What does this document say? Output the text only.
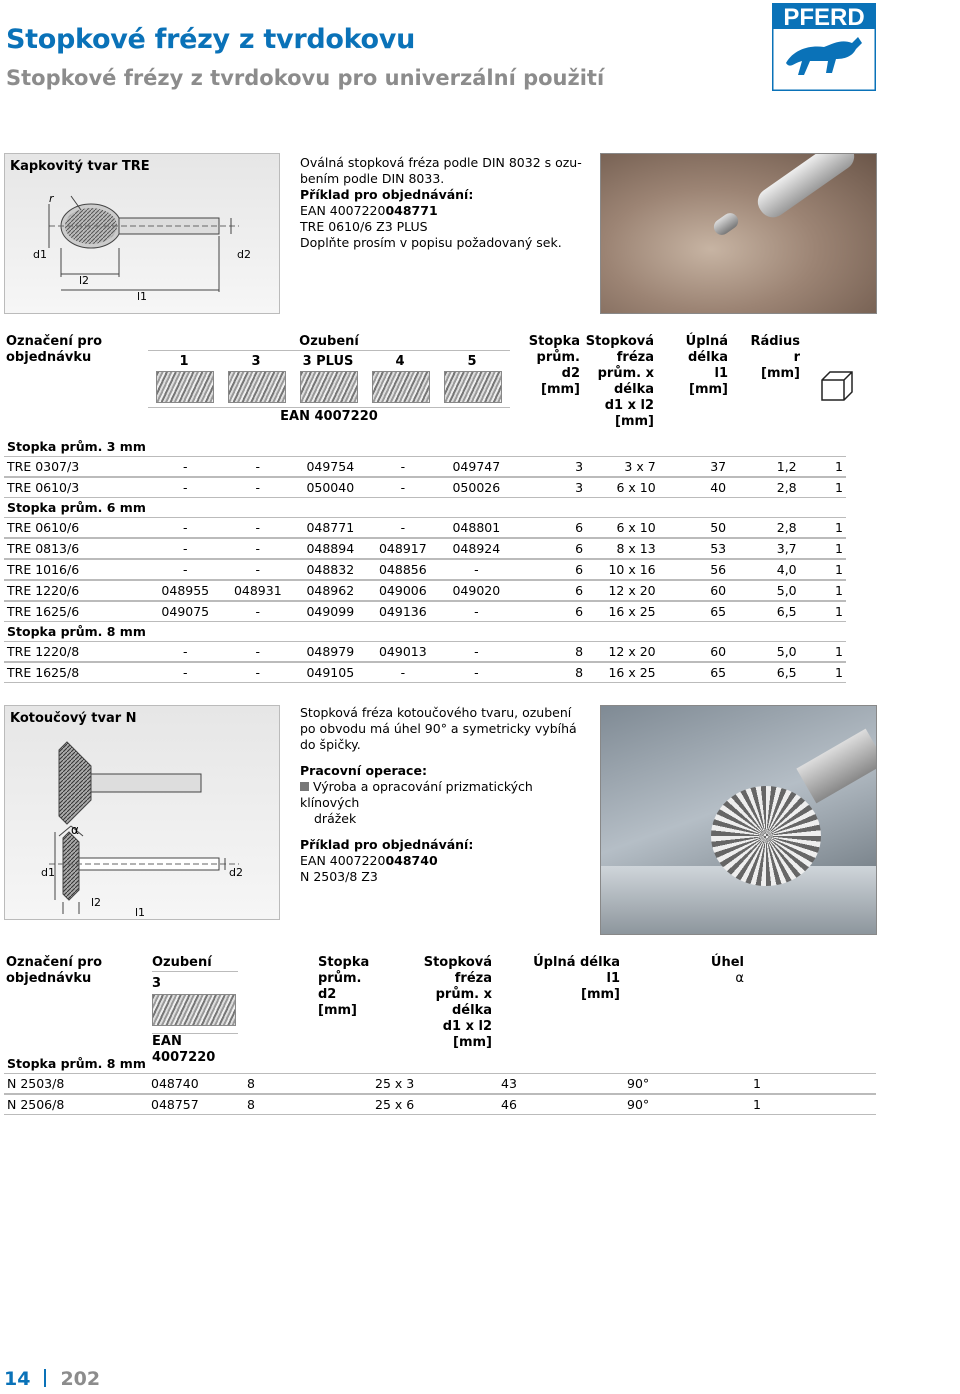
Stopkové frézy z tvrdokovu
Stopkové frézy z tvrdokovu pro univerzální použití
PFERD
Kapkovitý tvar TRE
r
d1	d2
l2
l1
Oválná stopková fréza podle DIN 8032 s ozu-
bením podle DIN 8033.
Příklad pro objednávání:
EAN 4007220048771
TRE 0610/6 Z3 PLUS
Doplňte prosím v popisu požadovaný sek.
Označení pro
objednávku
Ozubení
1	3	3 PLUS	4	5
EAN 4007220
Stopka
prům.
d2
[mm]
Stopková
fréza
prům. x
délka
d1 x l2
[mm]
Úplná
délka
l1
[mm]
Rádius
r
[mm]
Stopka prům. 3 mm										
TRE 0307/3	-	-	049754	-	049747	3	3 x 7	37	1,2	1
TRE 0610/3	-	-	050040	-	050026	3	6 x 10	40	2,8	1
Stopka prům. 6 mm										
TRE 0610/6	-	-	048771	-	048801	6	6 x 10	50	2,8	1
TRE 0813/6	-	-	048894	048917	048924	6	8 x 13	53	3,7	1
TRE 1016/6	-	-	048832	048856	-	6	10 x 16	56	4,0	1
TRE 1220/6	048955	048931	048962	049006	049020	6	12 x 20	60	5,0	1
TRE 1625/6	049075	-	049099	049136	-	6	16 x 25	65	6,5	1
Stopka prům. 8 mm										
TRE 1220/8	-	-	048979	049013	-	8	12 x 20	60	5,0	1
TRE 1625/8	-	-	049105	-	-	8	16 x 25	65	6,5	1
Kotoučový tvar N
α
d1	d2
l2
l1
Stopková fréza kotoučového tvaru, ozubení
po obvodu má úhel 90° a symetricky vybíhá
do špičky.
Pracovní operace:
Výroba a opracování prizmatických klínových
drážek
Příklad pro objednávání:
EAN 4007220048740
N 2503/8 Z3
Označení pro
objednávku
Ozubení
3
EAN 4007220
Stopka
prům.
d2
[mm]
Stopková fréza
prům. x
délka
d1 x l2
[mm]
Úplná délka
l1
[mm]
Úhel
α
Stopka prům. 8 mm						
N 2503/8	048740	8	25 x 3	43	90°	1
N 2506/8	048757	8	25 x 6	46	90°	1
14 202
